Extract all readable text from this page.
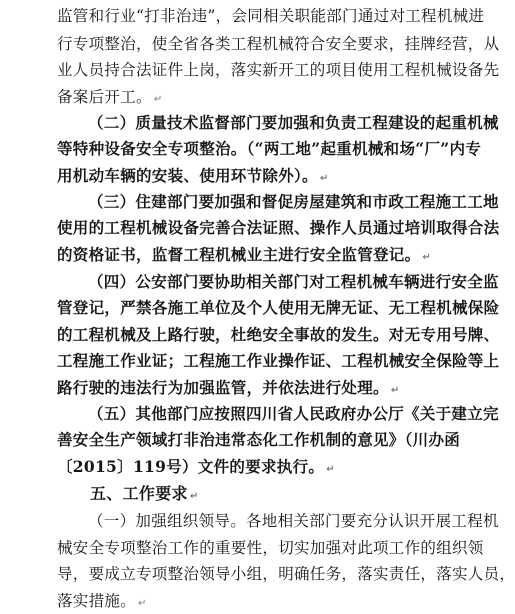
监管和行业“打非治违”，会同相关职能部门通过对工程机械进
行专项整治，使全省各类工程机械符合安全要求，挂牌经营，从
业人员持合法证件上岗，落实新开工的项目使用工程机械设备先
备案后开工。 ↵
（二）质量技术监督部门要加强和负责工程建设的起重机械
等特种设备安全专项整治。（“两工地”起重机械和场“厂”内专
用机动车辆的安装、使用环节除外）。 ↵
（三）住建部门要加强和督促房屋建筑和市政工程施工工地
使用的工程机械设备完善合法证照、操作人员通过培训取得合法
的资格证书，监督工程机械业主进行安全监管登记。 ↵
（四）公安部门要协助相关部门对工程机械车辆进行安全监
管登记，严禁各施工单位及个人使用无牌无证、无工程机械保险
的工程机械及上路行驶，杜绝安全事故的发生。对无专用号牌、
工程施工作业证；工程施工作业操作证、工程机械安全保险等上
路行驶的违法行为加强监管，并依法进行处理。 ↵
（五）其他部门应按照四川省人民政府办公厅《关于建立完
善安全生产领域打非治违常态化工作机制的意见》（川办函
〔2015〕119号）文件的要求执行。 ↵
五、工作要求 ↵
（一）加强组织领导。各地相关部门要充分认识开展工程机
械安全专项整治工作的重要性，切实加强对此项工作的组织领
导，要成立专项整治领导小组，明确任务，落实责任，落实人员，
落实措施。 ↵
